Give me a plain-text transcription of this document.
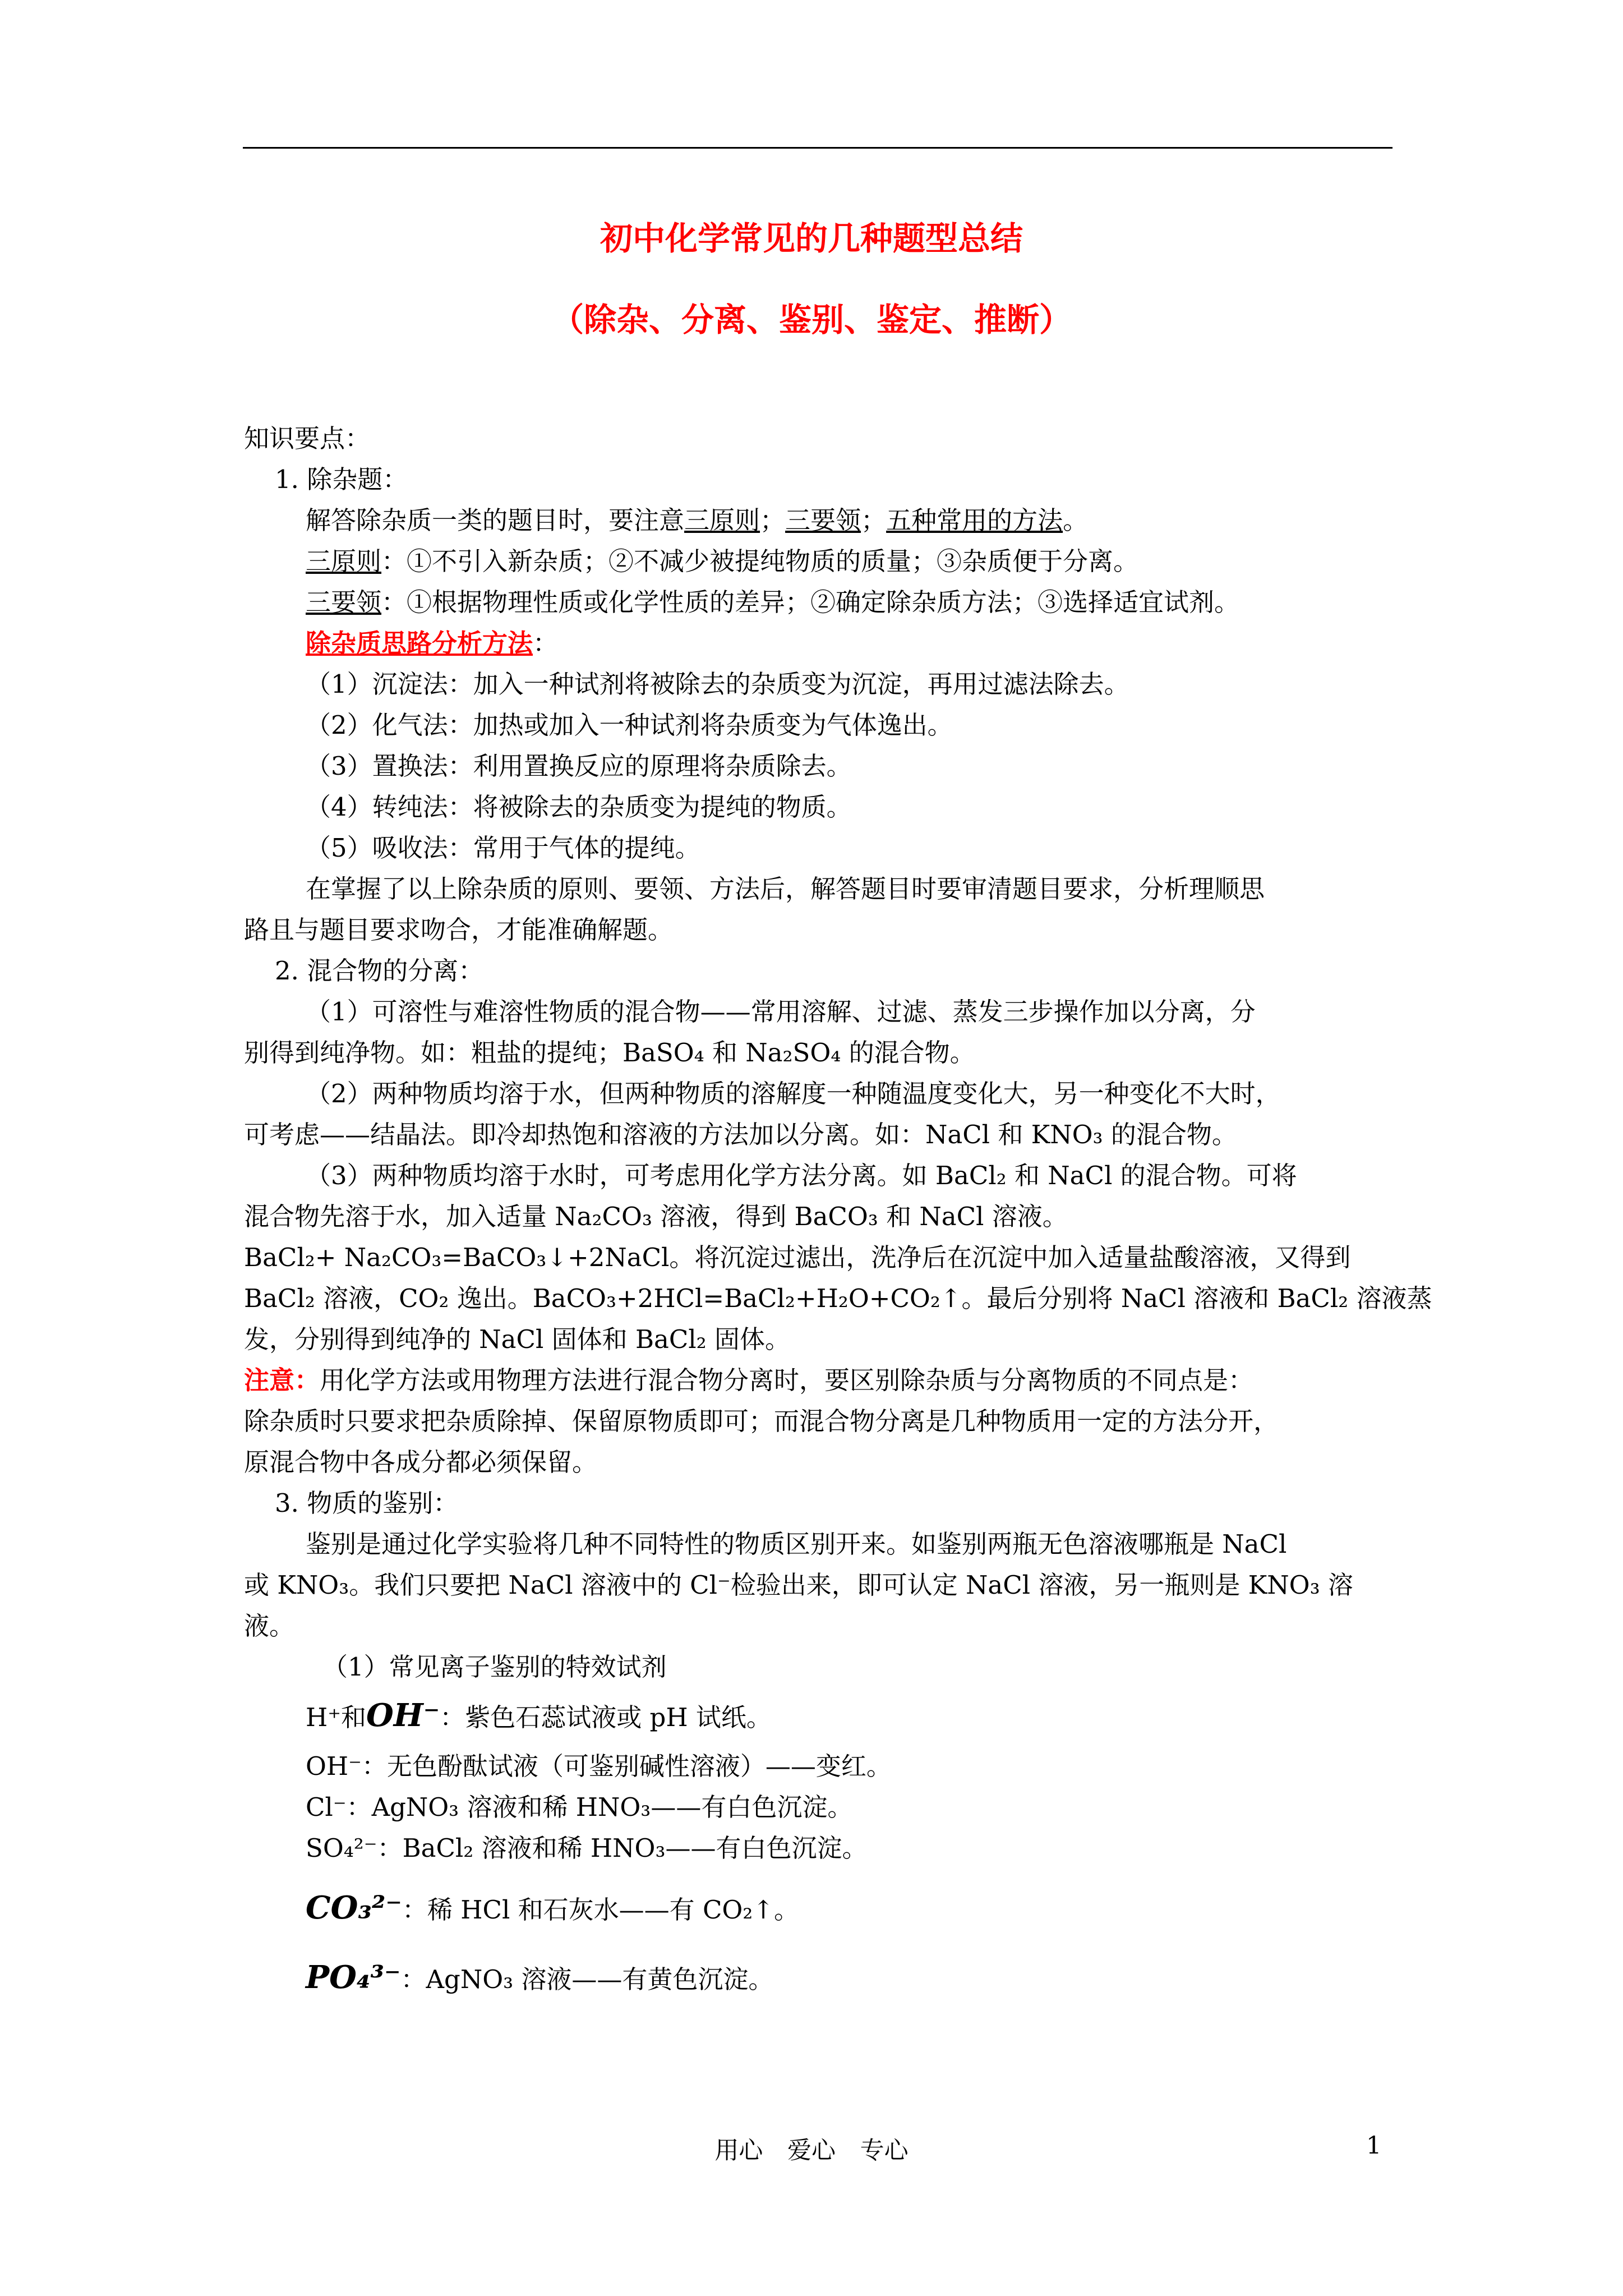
初中化学常见的几种题型总结
（除杂、分离、鉴别、鉴定、推断）

知识要点：

1. 除杂题：

解答除杂质一类的题目时，要注意三原则；三要领；五种常用的方法。

三原则：①不引入新杂质；②不减少被提纯物质的质量；③杂质便于分离。

三要领：①根据物理性质或化学性质的差异；②确定除杂质方法；③选择适宜试剂。

除杂质思路分析方法：

（1）沉淀法：加入一种试剂将被除去的杂质变为沉淀，再用过滤法除去。

（2）化气法：加热或加入一种试剂将杂质变为气体逸出。

（3）置换法：利用置换反应的原理将杂质除去。

（4）转纯法：将被除去的杂质变为提纯的物质。

（5）吸收法：常用于气体的提纯。

在掌握了以上除杂质的原则、要领、方法后，解答题目时要审清题目要求，分析理顺思

路且与题目要求吻合，才能准确解题。

2. 混合物的分离：

（1）可溶性与难溶性物质的混合物——常用溶解、过滤、蒸发三步操作加以分离，分

别得到纯净物。如：粗盐的提纯；BaSO₄ 和 Na₂SO₄ 的混合物。

（2）两种物质均溶于水，但两种物质的溶解度一种随温度变化大，另一种变化不大时，

可考虑——结晶法。即冷却热饱和溶液的方法加以分离。如：NaCl 和 KNO₃ 的混合物。

（3）两种物质均溶于水时，可考虑用化学方法分离。如 BaCl₂ 和 NaCl 的混合物。可将

混合物先溶于水，加入适量 Na₂CO₃ 溶液，得到 BaCO₃ 和 NaCl 溶液。

BaCl₂+ Na₂CO₃=BaCO₃↓+2NaCl。将沉淀过滤出，洗净后在沉淀中加入适量盐酸溶液，又得到

BaCl₂ 溶液，CO₂ 逸出。BaCO₃+2HCl=BaCl₂+H₂O+CO₂↑。最后分别将 NaCl 溶液和 BaCl₂ 溶液蒸

发，分别得到纯净的 NaCl 固体和 BaCl₂ 固体。

注意：用化学方法或用物理方法进行混合物分离时，要区别除杂质与分离物质的不同点是：

除杂质时只要求把杂质除掉、保留原物质即可；而混合物分离是几种物质用一定的方法分开，

原混合物中各成分都必须保留。

3. 物质的鉴别：

鉴别是通过化学实验将几种不同特性的物质区别开来。如鉴别两瓶无色溶液哪瓶是 NaCl

或 KNO₃。我们只要把 NaCl 溶液中的 Cl⁻检验出来，即可认定 NaCl 溶液，另一瓶则是 KNO₃ 溶

液。

（1）常见离子鉴别的特效试剂

H⁺和OH⁻：紫色石蕊试液或 pH 试纸。

OH⁻：无色酚酞试液（可鉴别碱性溶液）——变红。

Cl⁻：AgNO₃ 溶液和稀 HNO₃——有白色沉淀。

SO₄²⁻：BaCl₂ 溶液和稀 HNO₃——有白色沉淀。

CO₃²⁻：稀 HCl 和石灰水——有 CO₂↑。

PO₄³⁻：AgNO₃ 溶液——有黄色沉淀。

用心 爱心 专心	1
